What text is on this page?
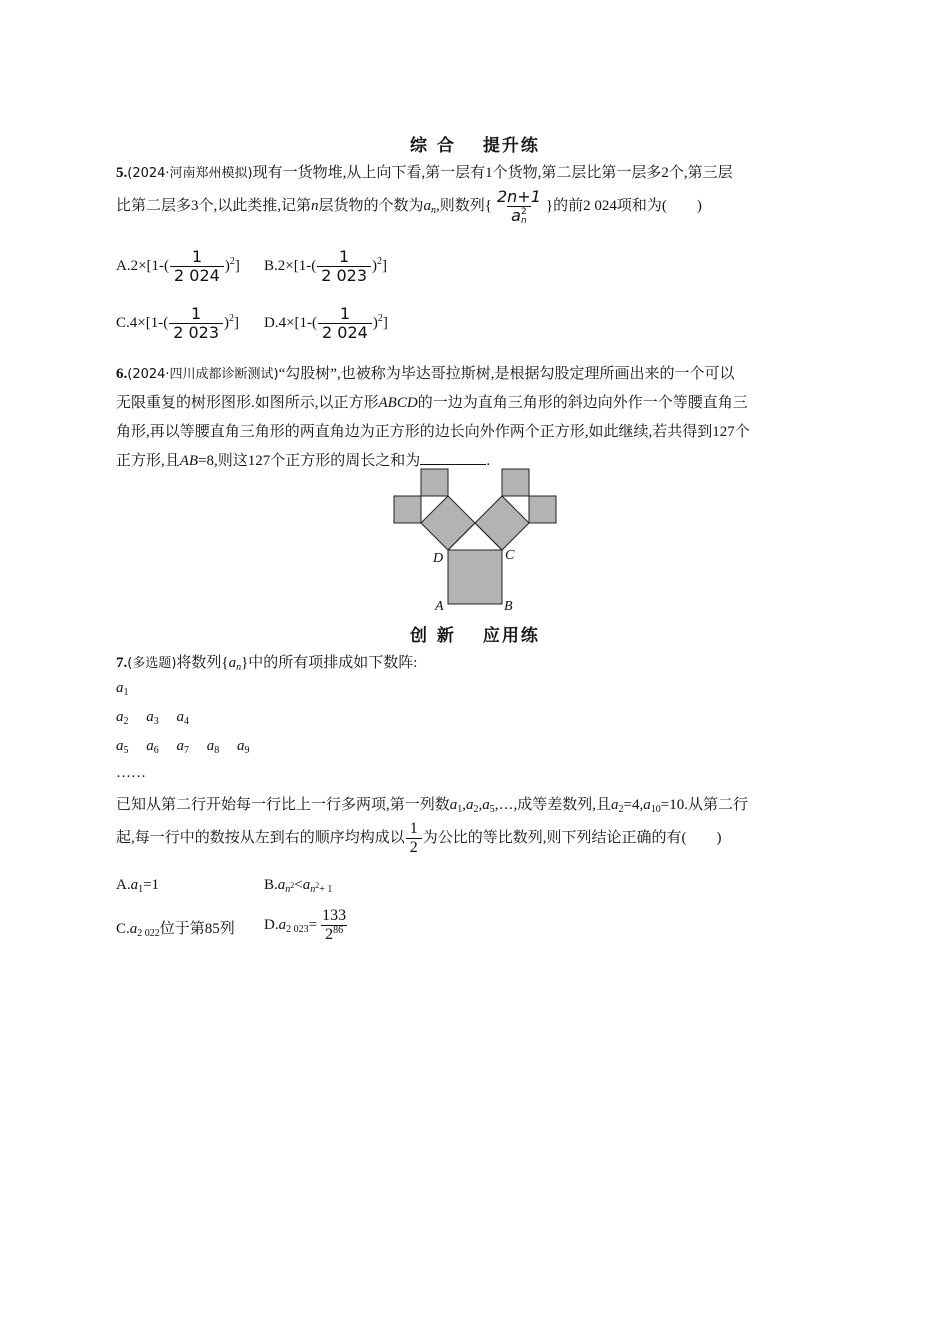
综 合　 提升练
5.(2024·河南郑州模拟)现有一货物堆,从上向下看,第一层有1个货物,第二层比第一层多2个,第三层
比第二层多3个,以此类推,记第n层货物的个数为$a_n$,则数列{ 2n+1
a 2
n }的前2 024项和为( )
$A.2\times[1-( \frac{1}{2 024} )^2]$ $B.2\times[1-( \frac{1}{2 023} )^2]$
$C.4\times[1-( \frac{1}{2 023} )^2]$ $D.4\times[1-( \frac{1}{2 024} )^2]$
6.(2024·四川成都诊断测试)“勾股树”,也被称为毕达哥拉斯树,是根据勾股定理所画出来的一个可以
无限重复的树形图形.如图所示,以正方形ABCD的一边为直角三角形的斜边向外作一个等腰直角三
角形,再以等腰直角三角形的两直角边为正方形的边长向外作两个正方形,如此继续,若共得到127个
正方形,且AB=8,则这127个正方形的周长之和为	.
D	C
A	B
创 新　 应用练
7.(多选题)将数列$\{a_n\}$中的所有项排成如下数阵:
$a_1$
$a_2$ $a_3$ $a_4$
$a_5$ $a_6$ $a_7$ $a_8$ $a_9$
……
已知从第二行开始每一行比上一行多两项,第一列数$a_1,a_2,a_5,\dots$,成等差数列,且$a_2=4,a_{10}=10$.从第二行
起,每一行中的数按从左到右的顺序均构成以 $\frac{1}{2}$ 为公比的等比数列,则下列结论正确的有( )
$A.a_1=1$	$B.a_{n^2}<a_{n^2+ 1}$
$C.a_{2 022}$位于第85列 $D.a_{2 023}= \frac{133}{2^{86}}$
